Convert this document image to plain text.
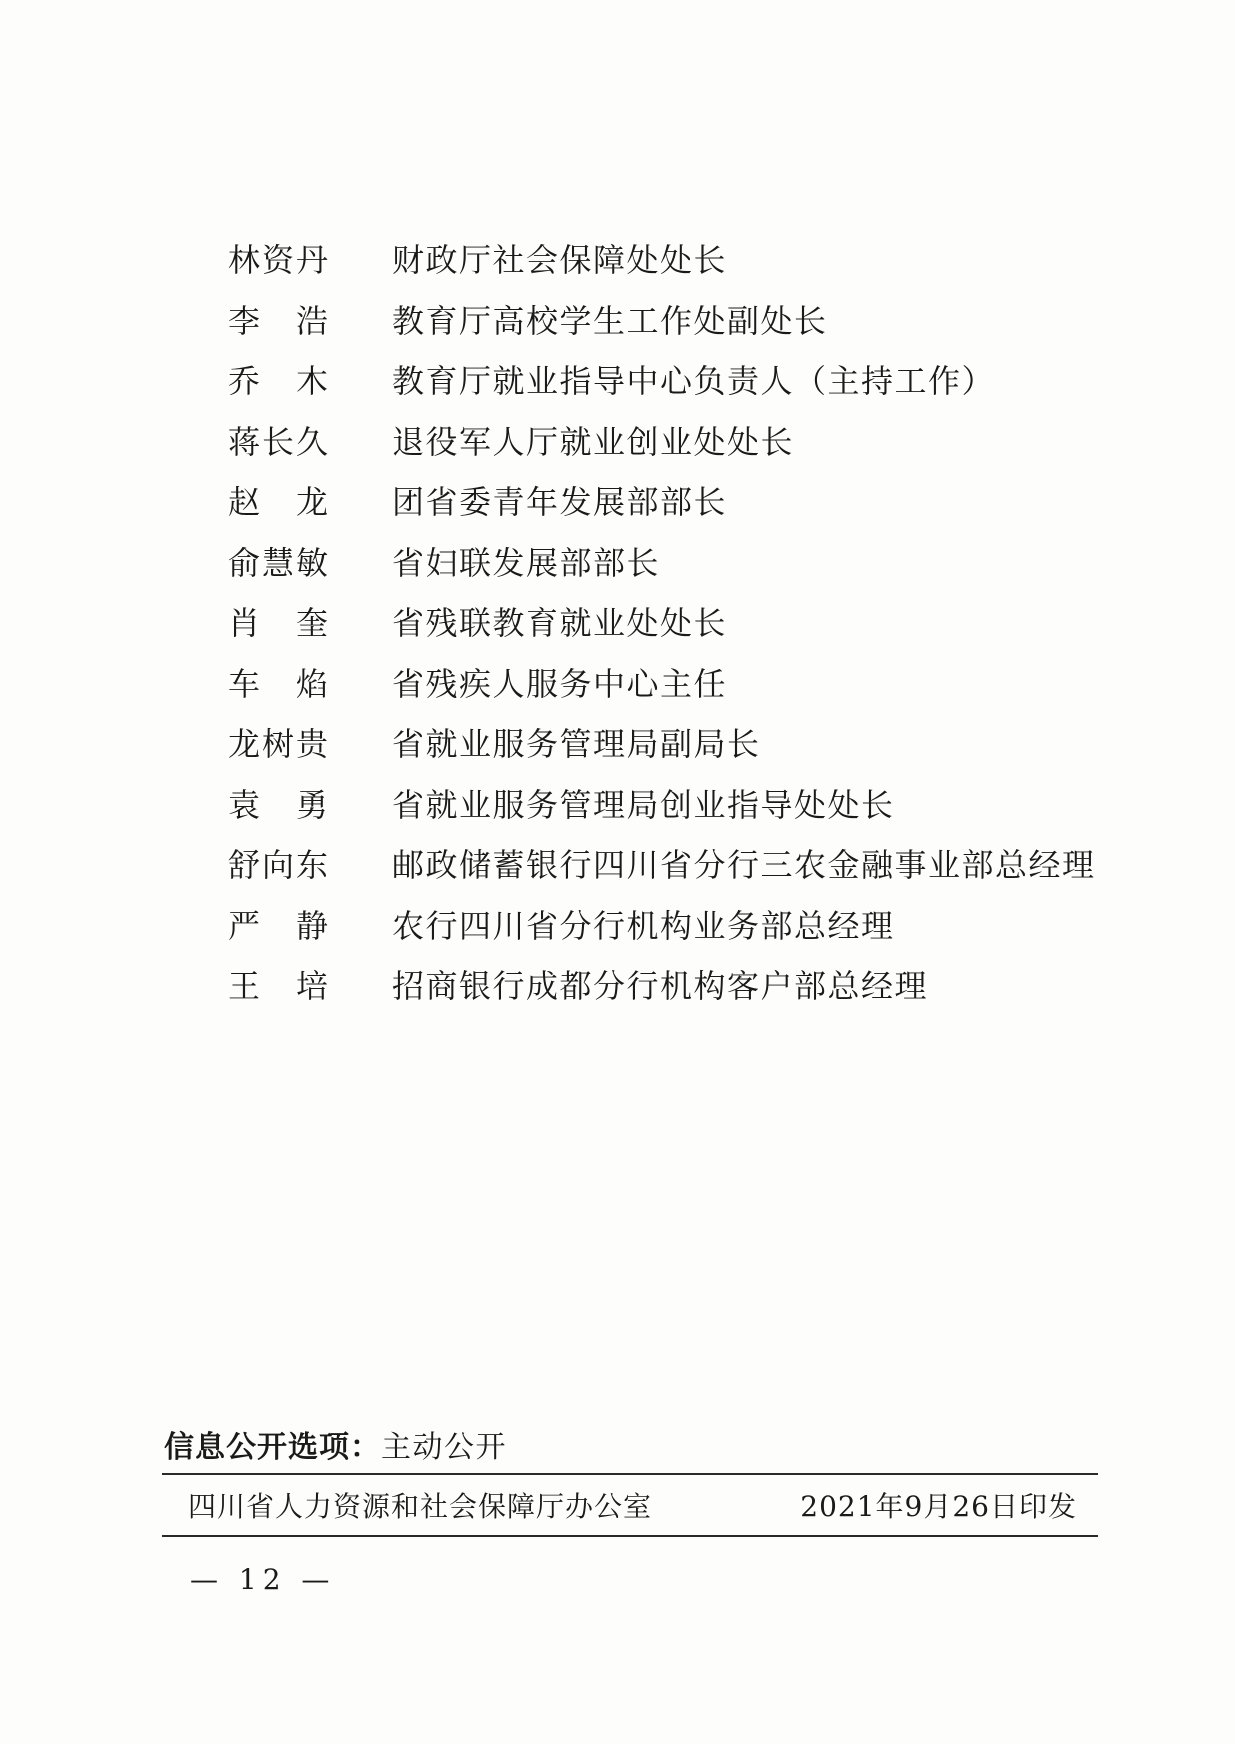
林资丹 财政厅社会保障处处长
李　浩 教育厅高校学生工作处副处长
乔　木 教育厅就业指导中心负责人（主持工作）
蒋长久 退役军人厅就业创业处处长
赵　龙 团省委青年发展部部长
俞慧敏 省妇联发展部部长
肖　奎 省残联教育就业处处长
车　焰 省残疾人服务中心主任
龙树贵 省就业服务管理局副局长
袁　勇 省就业服务管理局创业指导处处长
舒向东 邮政储蓄银行四川省分行三农金融事业部总经理
严　静 农行四川省分行机构业务部总经理
王　培 招商银行成都分行机构客户部总经理
信息公开选项：主动公开
四川省人力资源和社会保障厅办公室	2021年9月26日印发
— 12 —
